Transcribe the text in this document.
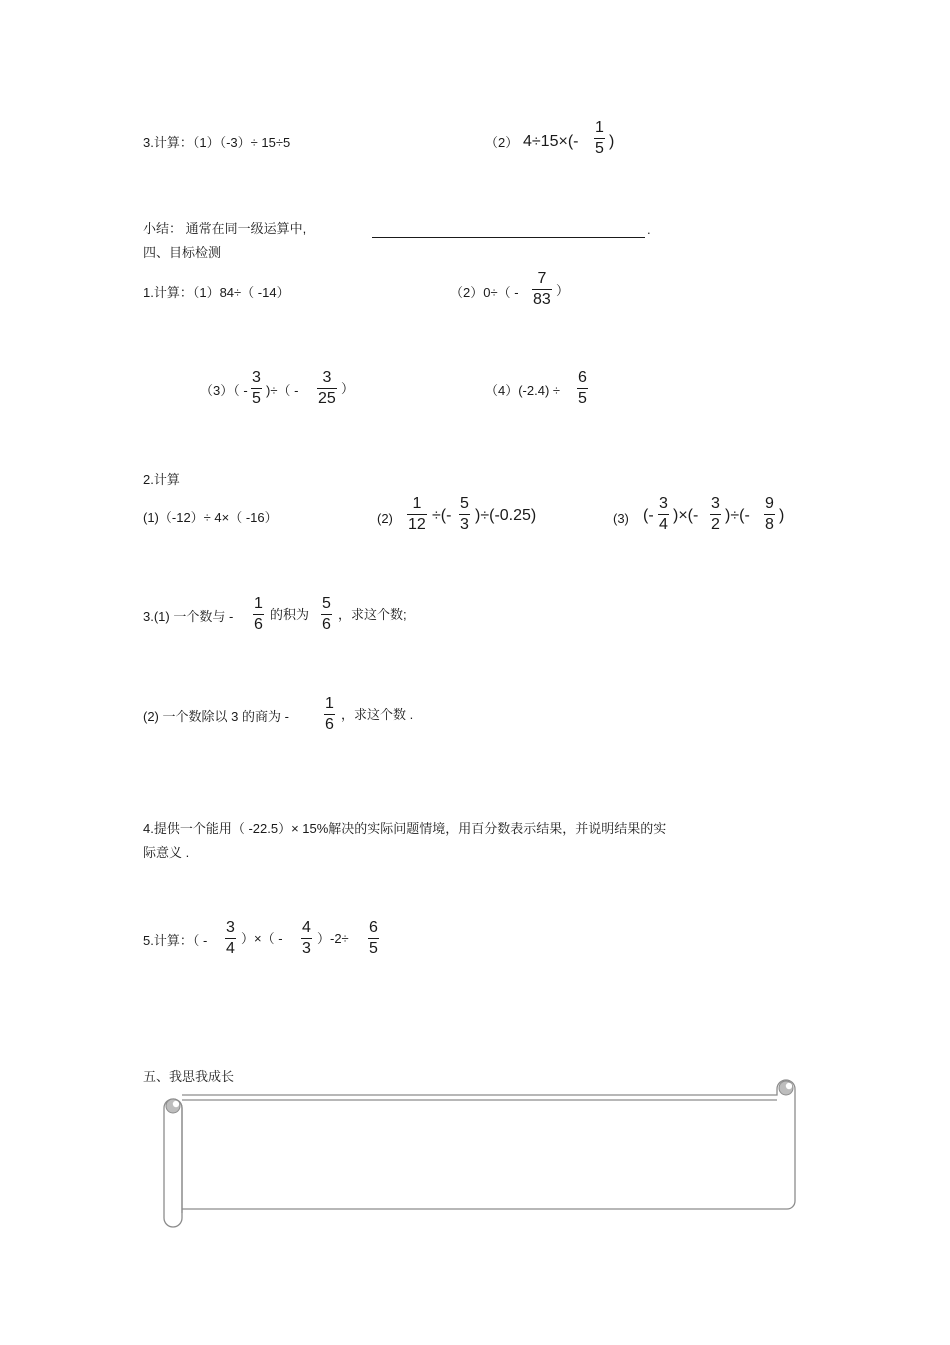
3.计算：（1）（-3）÷ 15÷5	（2） 4÷15×(-
1
5 )
小结： 通常在同一级运算中,	.
四、目标检测
1.计算：（1）84÷（ -14）	（2）0÷（ -
7
83
）
（3）（ -
3
5 )÷（ -
3
25
）	（4）(-2.4) ÷
6
5
2.计算
(1)（-12）÷ 4×（ -16）	(2)
1
12
÷(-
5
3
)÷(-0.25)	(3) (-
3
4
)×(-
3
2
)÷(-
9
8
)
3.(1) 一个数与 -
1
6
的积为
5
6
，求这个数;
(2) 一个数除以 3 的商为 -
1
6
，求这个数 .
4.提供一个能用（ -22.5）× 15%解决的实际问题情境，用百分数表示结果，并说明结果的实
际意义 .
5.计算：（ -
3
4
）×（ -
4
3
）-2÷
6
5
五、我思我成长
